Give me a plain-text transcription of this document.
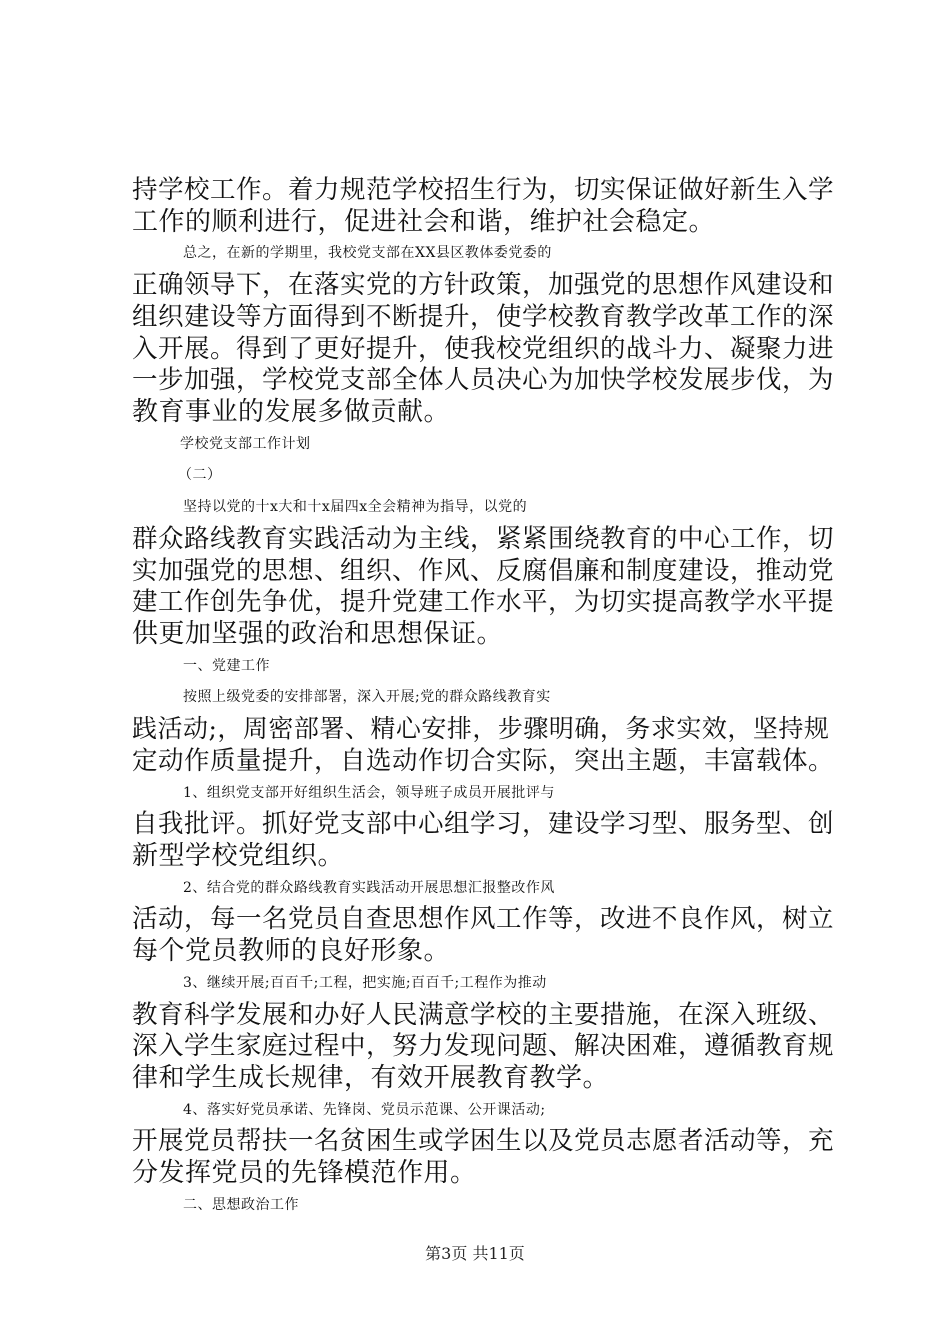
持学校工作。着力规范学校招生行为，切实保证做好新生入学
工作的顺利进行，促进社会和谐，维护社会稳定。
总之，在新的学期里，我校党支部在XX县区教体委党委的
正确领导下，在落实党的方针政策，加强党的思想作风建设和
组织建设等方面得到不断提升，使学校教育教学改革工作的深
入开展。得到了更好提升，使我校党组织的战斗力、凝聚力进
一步加强，学校党支部全体人员决心为加快学校发展步伐，为
教育事业的发展多做贡献。
学校党支部工作计划
（二）
坚持以党的十x大和十x届四x全会精神为指导，以党的
群众路线教育实践活动为主线，紧紧围绕教育的中心工作，切
实加强党的思想、组织、作风、反腐倡廉和制度建设，推动党
建工作创先争优，提升党建工作水平，为切实提高教学水平提
供更加坚强的政治和思想保证。
一、党建工作
按照上级党委的安排部署，深入开展;党的群众路线教育实
践活动;，周密部署、精心安排，步骤明确，务求实效，坚持规
定动作质量提升，自选动作切合实际，突出主题，丰富载体。
1、组织党支部开好组织生活会，领导班子成员开展批评与
自我批评。抓好党支部中心组学习，建设学习型、服务型、创
新型学校党组织。
2、结合党的群众路线教育实践活动开展思想汇报整改作风
活动，每一名党员自查思想作风工作等，改进不良作风，树立
每个党员教师的良好形象。
3、继续开展;百百千;工程，把实施;百百千;工程作为推动
教育科学发展和办好人民满意学校的主要措施，在深入班级、
深入学生家庭过程中，努力发现问题、解决困难，遵循教育规
律和学生成长规律，有效开展教育教学。
4、落实好党员承诺、先锋岗、党员示范课、公开课活动;
开展党员帮扶一名贫困生或学困生以及党员志愿者活动等，充
分发挥党员的先锋模范作用。
二、思想政治工作
第3页 共11页
